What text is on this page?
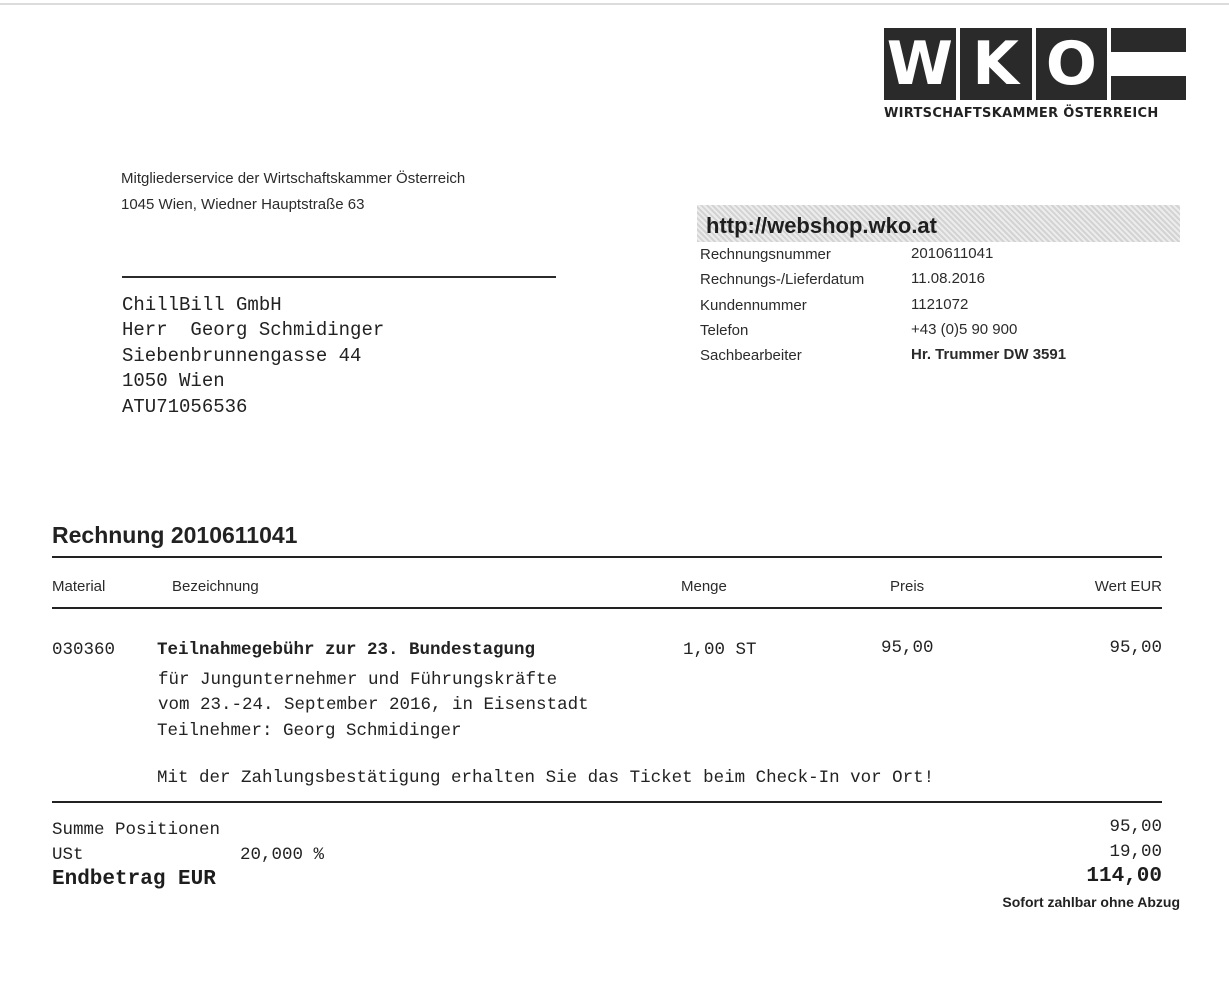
W K O
WIRTSCHAFTSKAMMER ÖSTERREICH
Mitgliederservice der Wirtschaftskammer Österreich
1045 Wien, Wiedner Hauptstraße 63
http://webshop.wko.at
Rechnungsnummer	2010611041
Rechnungs-/Lieferdatum	11.08.2016
Kundennummer	1121072
Telefon	+43 (0)5 90 900
Sachbearbeiter	Hr. Trummer DW 3591
ChillBill GmbH
Herr  Georg Schmidinger
Siebenbrunnengasse 44
1050 Wien
ATU71056536
Rechnung 2010611041
Material	Bezeichnung	Menge	Preis	Wert EUR
030360 Teilnahmegebühr zur 23. Bundestagung	1,00 ST	95,00	95,00
für Jungunternehmer und Führungskräfte
vom 23.-24. September 2016, in Eisenstadt
Teilnehmer: Georg Schmidinger
Mit der Zahlungsbestätigung erhalten Sie das Ticket beim Check-In vor Ort!
Summe Positionen	95,00
USt	20,000 %	19,00
Endbetrag EUR	114,00
Sofort zahlbar ohne Abzug
